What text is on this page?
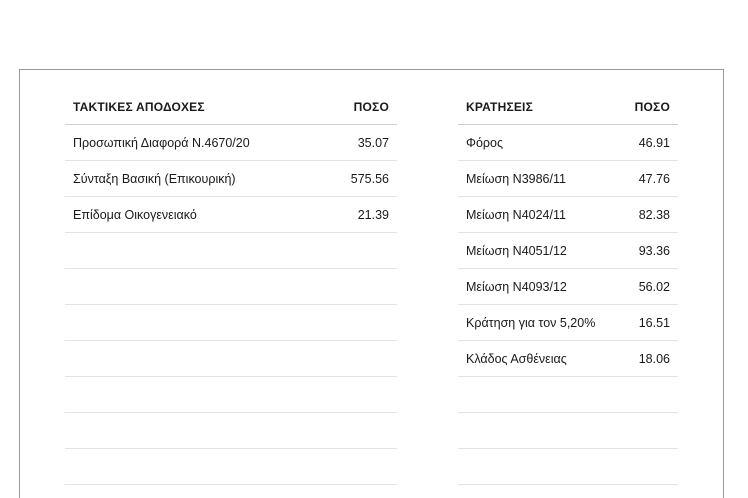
ΤΑΚΤΙΚΕΣ ΑΠΟΔΟΧΕΣ	ΠΟΣΟ
Προσωπική Διαφορά Ν.4670/20	35.07
Σύνταξη Βασική (Επικουρική)	575.56
Επίδομα Οικογενειακό	21.39
ΚΡΑΤΗΣΕΙΣ	ΠΟΣΟ
Φόρος	46.91
Μείωση Ν3986/11	47.76
Μείωση Ν4024/11	82.38
Μείωση Ν4051/12	93.36
Μείωση Ν4093/12	56.02
Κράτηση για τον 5,20%	16.51
Κλάδος Ασθένειας	18.06
